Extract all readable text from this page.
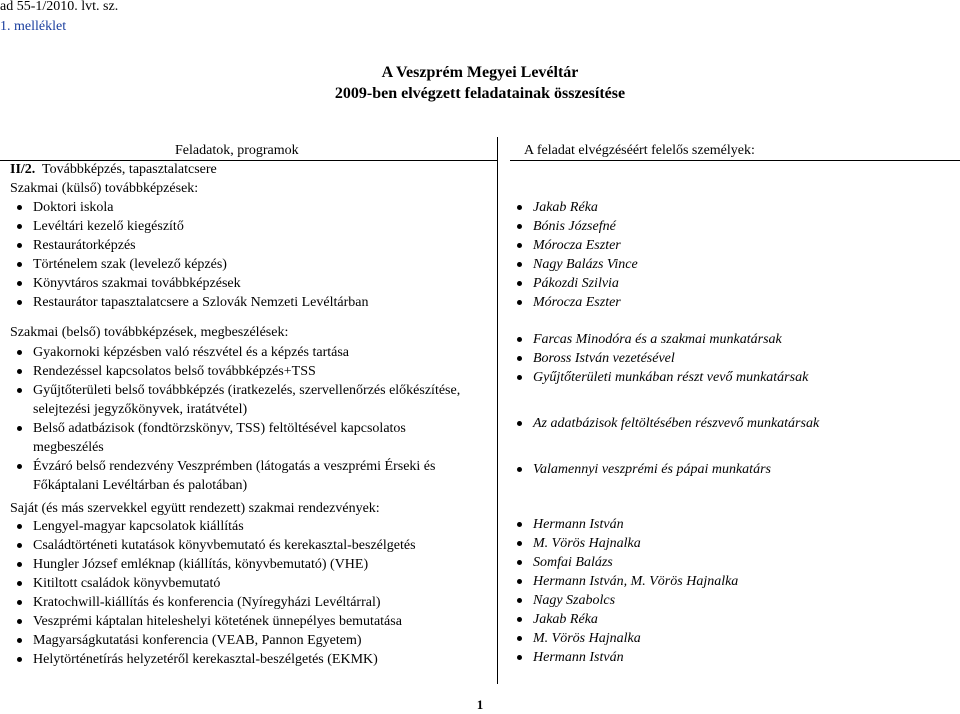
ad 55-1/2010. lvt. sz.
1. melléklet
A Veszprém Megyei Levéltár
2009-ben elvégzett feladatainak összesítése
Feladatok, programok	A feladat elvégzéséért felelős személyek:
II/2. Továbbképzés, tapasztalatcsere
Szakmai (külső) továbbképzések:
Doktori iskola
Levéltári kezelő kiegészítő
Restaurátorképzés
Történelem szak (levelező képzés)
Könyvtáros szakmai továbbképzések
Restaurátor tapasztalatcsere a Szlovák Nemzeti Levéltárban
Jakab Réka
Bónis Józsefné
Mórocza Eszter
Nagy Balázs Vince
Pákozdi Szilvia
Mórocza Eszter
Szakmai (belső) továbbképzések, megbeszélések:
Gyakornoki képzésben való részvétel és a képzés tartása
Rendezéssel kapcsolatos belső továbbképzés+TSS
Gyűjtőterületi belső továbbképzés (iratkezelés, szervellenőrzés előkészítése, selejtezési jegyzőkönyvek, iratátvétel)
Belső adatbázisok (fondtörzskönyv, TSS) feltöltésével kapcsolatos megbeszélés
Évzáró belső rendezvény Veszprémben (látogatás a veszprémi Érseki és Főkáptalani Levéltárban és palotában)
Farcas Minodóra és a szakmai munkatársak
Boross István vezetésével
Gyűjtőterületi munkában részt vevő munkatársak
Az adatbázisok feltöltésében részvevő munkatársak
Valamennyi veszprémi és pápai munkatárs
Saját (és más szervekkel együtt rendezett) szakmai rendezvények:
Lengyel-magyar kapcsolatok kiállítás
Családtörténeti kutatások könyvbemutató és kerekasztal-beszélgetés
Hungler József emléknap (kiállítás, könyvbemutató) (VHE)
Kitiltott családok könyvbemutató
Kratochwill-kiállítás és konferencia (Nyíregyházi Levéltárral)
Veszprémi káptalan hiteleshelyi kötetének ünnepélyes bemutatása
Magyarságkutatási konferencia (VEAB, Pannon Egyetem)
Helytörténetírás helyzetéről kerekasztal-beszélgetés (EKMK)
Hermann István
M. Vörös Hajnalka
Somfai Balázs
Hermann István, M. Vörös Hajnalka
Nagy Szabolcs
Jakab Réka
M. Vörös Hajnalka
Hermann István
1
